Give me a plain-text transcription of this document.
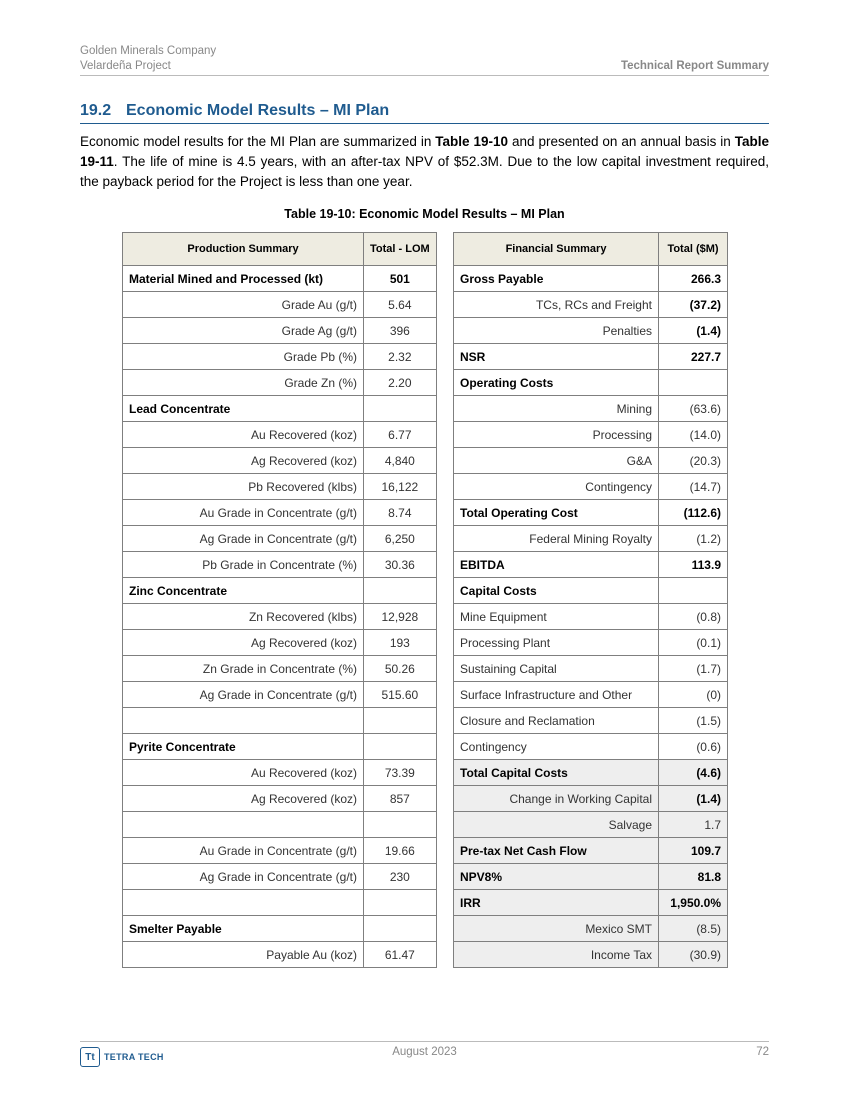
Golden Minerals Company
Velardeña Project	Technical Report Summary
19.2 Economic Model Results – MI Plan
Economic model results for the MI Plan are summarized in Table 19-10 and presented on an annual basis in Table 19-11. The life of mine is 4.5 years, with an after-tax NPV of $52.3M. Due to the low capital investment required, the payback period for the Project is less than one year.
Table 19-10: Economic Model Results – MI Plan
Production Summary	Total - LOM
Material Mined and Processed (kt)	501
Grade Au (g/t)	5.64
Grade Ag (g/t)	396
Grade Pb (%)	2.32
Grade Zn (%)	2.20
Lead Concentrate	
Au Recovered (koz)	6.77
Ag Recovered (koz)	4,840
Pb Recovered (klbs)	16,122
Au Grade in Concentrate (g/t)	8.74
Ag Grade in Concentrate (g/t)	6,250
Pb Grade in Concentrate (%)	30.36
Zinc Concentrate	
Zn Recovered (klbs)	12,928
Ag Recovered (koz)	193
Zn Grade in Concentrate (%)	50.26
Ag Grade in Concentrate (g/t)	515.60

Pyrite Concentrate	
Au Recovered (koz)	73.39
Ag Recovered (koz)	857

Au Grade in Concentrate (g/t)	19.66
Ag Grade in Concentrate (g/t)	230

Smelter Payable	
Payable Au (koz)	61.47
Financial Summary	Total ($M)
Gross Payable	266.3
TCs, RCs and Freight	(37.2)
Penalties	(1.4)
NSR	227.7
Operating Costs	
Mining	(63.6)
Processing	(14.0)
G&A	(20.3)
Contingency	(14.7)
Total Operating Cost	(112.6)
Federal Mining Royalty	(1.2)
EBITDA	113.9
Capital Costs	
Mine Equipment	(0.8)
Processing Plant	(0.1)
Sustaining Capital	(1.7)
Surface Infrastructure and Other	(0)
Closure and Reclamation	(1.5)
Contingency	(0.6)
Total Capital Costs	(4.6)
Change in Working Capital	(1.4)
Salvage	1.7
Pre-tax Net Cash Flow	109.7
NPV8%	81.8
IRR	1,950.0%
Mexico SMT	(8.5)
Income Tax	(30.9)
Tt	TETRA TECH	August 2023	72
